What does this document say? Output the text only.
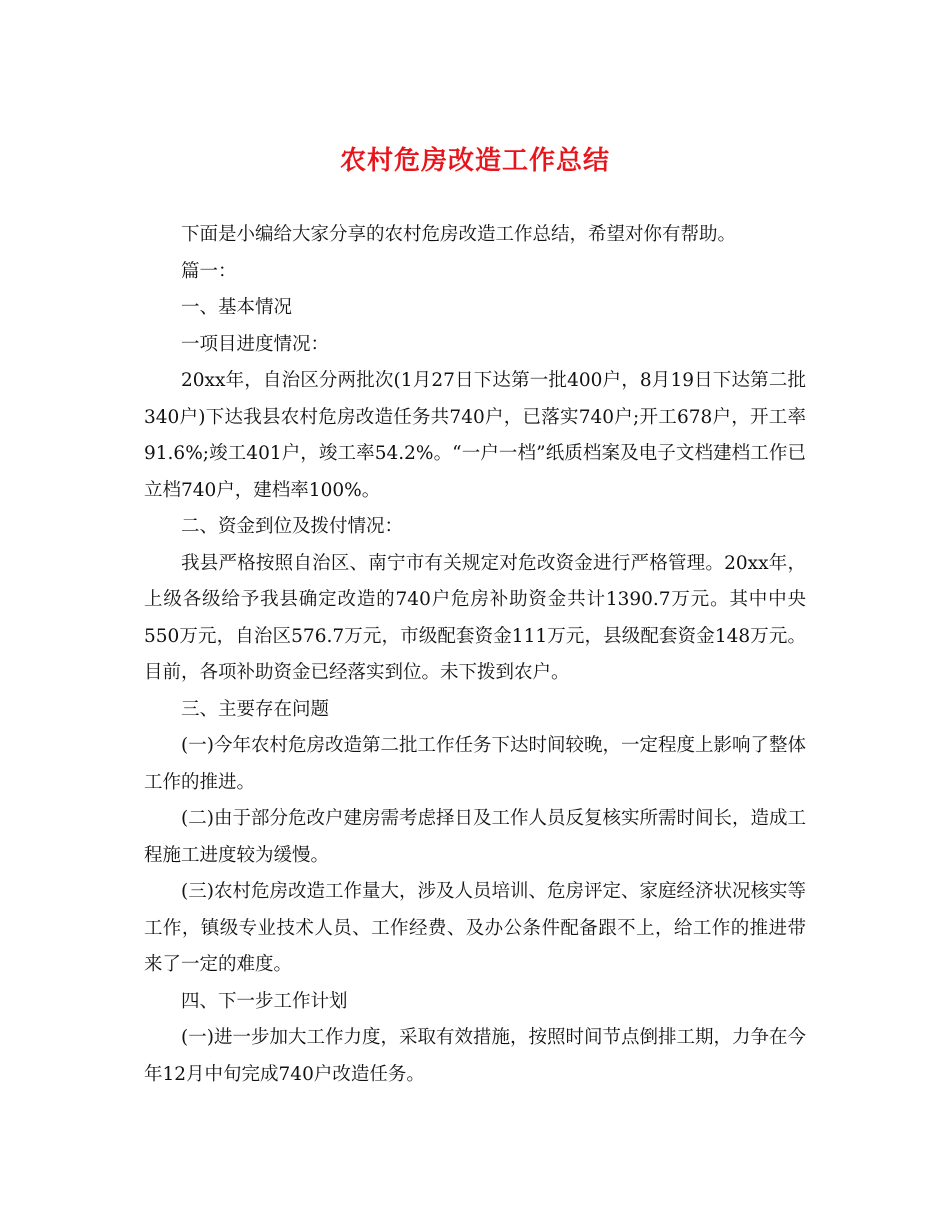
农村危房改造工作总结

下面是小编给大家分享的农村危房改造工作总结，希望对你有帮助。

篇一：

一、基本情况

一项目进度情况：

20xx年，自治区分两批次(1月27日下达第一批400户，8月19日下达第二批340户)下达我县农村危房改造任务共740户，已落实740户;开工678户，开工率91.6%;竣工401户，竣工率54.2%。“一户一档”纸质档案及电子文档建档工作已立档740户，建档率100%。

二、资金到位及拨付情况：

我县严格按照自治区、南宁市有关规定对危改资金进行严格管理。20xx年，上级各级给予我县确定改造的740户危房补助资金共计1390.7万元。其中中央550万元，自治区576.7万元，市级配套资金111万元，县级配套资金148万元。目前，各项补助资金已经落实到位。未下拨到农户。

三、主要存在问题

(一)今年农村危房改造第二批工作任务下达时间较晚，一定程度上影响了整体工作的推进。

(二)由于部分危改户建房需考虑择日及工作人员反复核实所需时间长，造成工程施工进度较为缓慢。

(三)农村危房改造工作量大，涉及人员培训、危房评定、家庭经济状况核实等工作，镇级专业技术人员、工作经费、及办公条件配备跟不上，给工作的推进带来了一定的难度。

四、下一步工作计划

(一)进一步加大工作力度，采取有效措施，按照时间节点倒排工期，力争在今年12月中旬完成740户改造任务。
